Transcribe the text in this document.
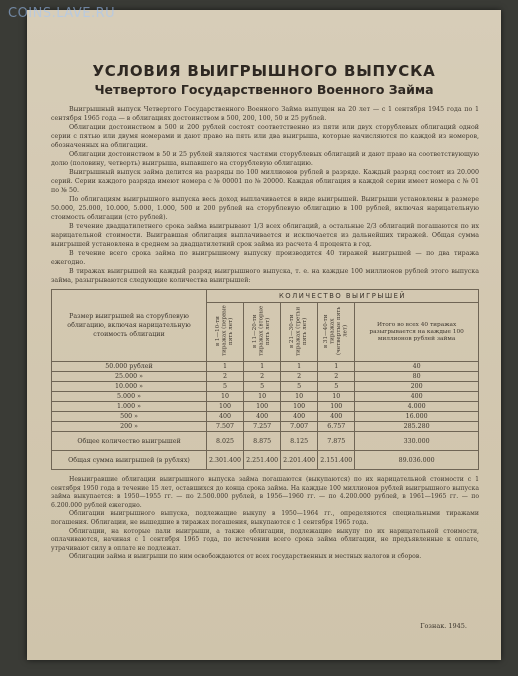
COINS.LAVE.RU
УСЛОВИЯ ВЫИГРЫШНОГО ВЫПУСКА
Четвертого Государственного Военного Займа

Выигрышный выпуск Четвертого Государственного Военного Займа выпущен на 20 лет — с 1 сентября 1945 года по 1 сентября 1965 года — в облигациях достоинством в 500, 200, 100, 50 и 25 рублей.

Облигации достоинством в 500 и 200 рублей состоят соответственно из пяти или двух сторублевых облигаций одной серии с пятью или двумя номерами и дают право на пять или два выигрыша, которые начисляются по каждой из номеров, обозначенных на облигации.

Облигации достоинством в 50 и 25 рублей являются частями сторублевых облигаций и дают право на соответствующую долю (половину, четверть) выигрыша, выпавшего на сторублевую облигацию.

Выигрышный выпуск займа делится на разряды по 100 миллионов рублей в разряде. Каждый разряд состоит из 20.000 серий. Серии каждого разряда имеют номера с № 00001 по № 20000. Каждая облигация в каждой серии имеет номера с № 01 по № 50.

По облигациям выигрышного выпуска весь доход выплачивается в виде выигрышей. Выигрыши установлены в размере 50.000, 25.000, 10.000, 5.000, 1.000, 500 и 200 рублей на сторублевую облигацию в 100 рублей, включая нарицательную стоимость облигации (сто рублей).

В течение двадцатилетнего срока займа выигрывают 1/3 всех облигаций, а остальные 2/3 облигаций погашаются по их нарицательной стоимости. Выигравшая облигация выплачивается и исключается из дальнейших тиражей. Общая сумма выигрышей установлена в среднем за двадцатилетний срок займа из расчета 4 процента в год.

В течение всего срока займа по выигрышному выпуску производится 40 тиражей выигрышей — по два тиража ежегодно.

В тиражах выигрышей на каждый разряд выигрышного выпуска, т. е. на каждые 100 миллионов рублей этого выпуска займа, разыгрываются следующие количества выигрышей:

Размер выигрышей на сторублевую облигацию, включая нарицательную стоимость облигации	КОЛИЧЕСТВО ВЫИГРЫШЕЙ				
	в 1—10-ти тиражах (первые пять лет)	в 11—20-ти тиражах (вторые пять лет)	в 21—30-ти тиражах (третьи пять лет)	в 31—40-ти тиражах (четвертые пять лет)	Итого во всех 40 тиражах разыгрывается на каждые 100 миллионов рублей займа
50.000 рублей	1	1	1	1	40
25.000 »	2	2	2	2	80
10.000 »	5	5	5	5	200
5.000 »	10	10	10	10	400
1.000 »	100	100	100	100	4.000
500 »	400	400	400	400	16.000
200 »	7.507	7.257	7.007	6.757	285.280
Общее количество выигрышей	8.025	8.875	8.125	7.875	330.000
Общая сумма выигрышей (в рублях)	2.301.400	2.251.400	2.201.400	2.151.400	89.036.000

Невыигравшие облигации выигрышного выпуска займа погашаются (выкупаются) по их нарицательной стоимости с 1 сентября 1950 года в течение 15 лет, оставшихся до конца срока займа. На каждые 100 миллионов рублей выигрышного выпуска займа выкупается: в 1950—1955 гг. — по 2.500.000 рублей, в 1956—1960 гг. — по 4.200.000 рублей, в 1961—1965 гг. — по 6.200.000 рублей ежегодно.

Облигации выигрышного выпуска, подлежащие выкупу в 1950—1964 гг., определяются специальными тиражами погашения. Облигации, не вышедшие в тиражах погашения, выкупаются с 1 сентября 1965 года.

Облигации, на которые пали выигрыши, а также облигации, подлежащие выкупу по их нарицательной стоимости, оплачиваются, начиная с 1 сентября 1965 года, по истечении всего срока займа облигации, не предъявленные к оплате, утрачивают силу в оплате не подлежат.

Облигации займа и выигрыши по ним освобождаются от всех государственных и местных налогов и сборов.

Гознак. 1945.
